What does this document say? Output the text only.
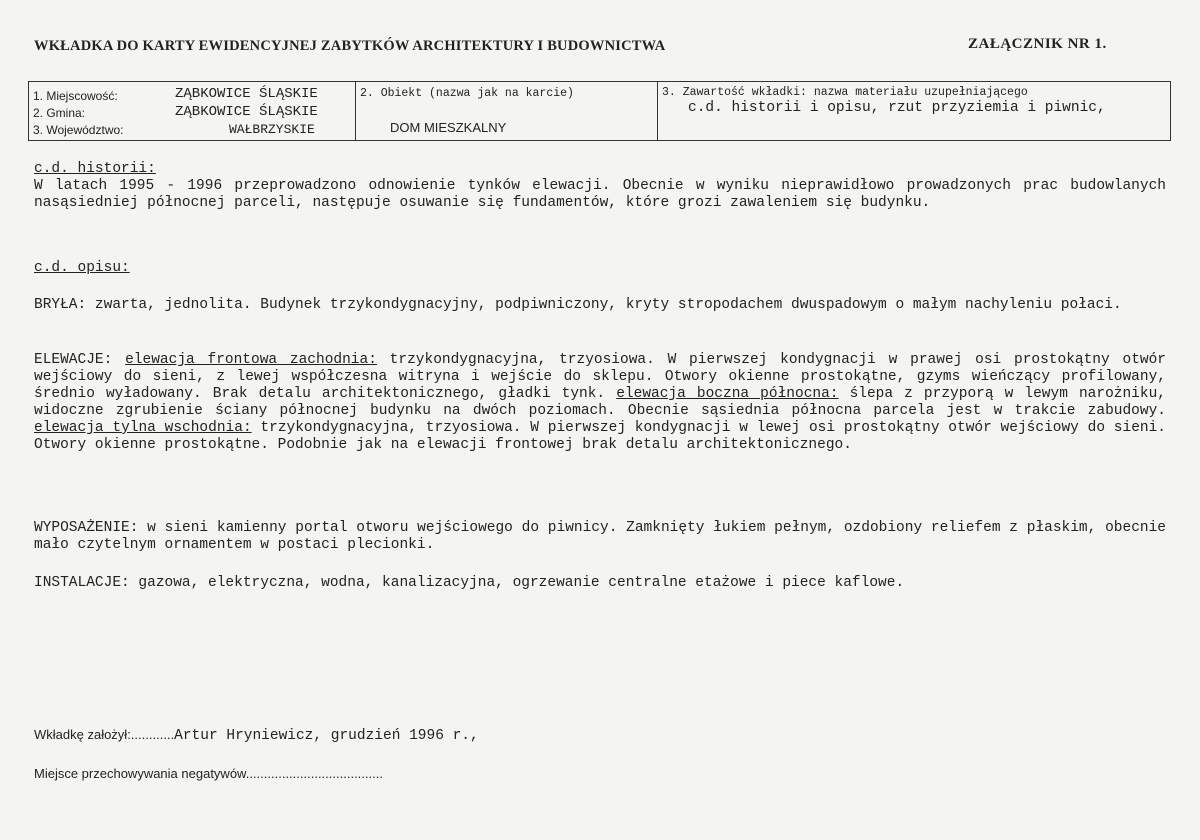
WKŁADKA DO KARTY EWIDENCYJNEJ ZABYTKÓW ARCHITEKTURY I BUDOWNICTWA	ZAŁĄCZNIK NR 1.
1. Miejscowość:	ZĄBKOWICE ŚLĄSKIE
2. Gmina:	ZĄBKOWICE ŚLĄSKIE
3. Województwo:	WAŁBRZYSKIE
2. Obiekt (nazwa jak na karcie)
DOM MIESZKALNY
3. Zawartość wkładki: nazwa materiału uzupełniającego
c.d. historii i opisu, rzut przyziemia i piwnic,
c.d. historii:
W latach 1995 - 1996 przeprowadzono odnowienie tynków elewacji. Obecnie w wyniku nieprawidłowo prowadzonych prac budowlanych nasąsiedniej północnej parceli, następuje osuwanie się fundamentów, które grozi zawaleniem się budynku.
c.d. opisu:
BRYŁA: zwarta, jednolita. Budynek trzykondygnacyjny, podpiwniczony, kryty stropodachem dwuspadowym o małym nachyleniu połaci.
ELEWACJE: elewacja frontowa zachodnia: trzykondygnacyjna, trzyosiowa. W pierwszej kondygnacji w prawej osi prostokątny otwór wejściowy do sieni, z lewej współczesna witryna i wejście do sklepu. Otwory okienne prostokątne, gzyms wieńczący profilowany, średnio wyładowany. Brak detalu architektonicznego, gładki tynk. elewacja boczna północna: ślepa z przyporą w lewym narożniku, widoczne zgrubienie ściany północnej budynku na dwóch poziomach. Obecnie sąsiednia północna parcela jest w trakcie zabudowy. elewacja tylna wschodnia: trzykondygnacyjna, trzyosiowa. W pierwszej kondygnacji w lewej osi prostokątny otwór wejściowy do sieni. Otwory okienne prostokątne. Podobnie jak na elewacji frontowej brak detalu architektonicznego.
WYPOSAŻENIE: w sieni kamienny portal otworu wejściowego do piwnicy. Zamknięty łukiem pełnym, ozdobiony reliefem z płaskim, obecnie mało czytelnym ornamentem w postaci plecionki.
INSTALACJE: gazowa, elektryczna, wodna, kanalizacyjna, ogrzewanie centralne etażowe i piece kaflowe.
Wkładkę założył:............Artur Hryniewicz, grudzień 1996 r.,
Miejsce przechowywania negatywów......................................
